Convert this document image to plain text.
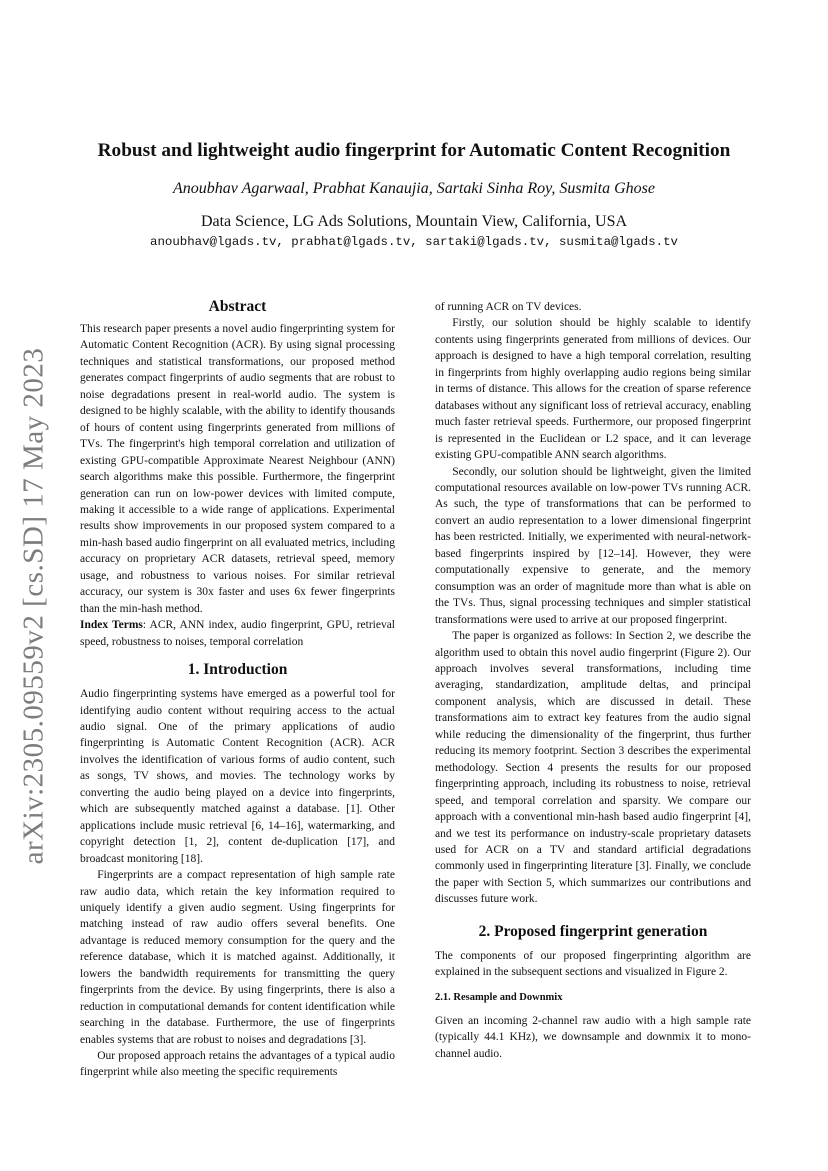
arXiv:2305.09559v2 [cs.SD] 17 May 2023
Robust and lightweight audio fingerprint for Automatic Content Recognition
Anoubhav Agarwaal, Prabhat Kanaujia, Sartaki Sinha Roy, Susmita Ghose
Data Science, LG Ads Solutions, Mountain View, California, USA
anoubhav@lgads.tv, prabhat@lgads.tv, sartaki@lgads.tv, susmita@lgads.tv
Abstract

This research paper presents a novel audio fingerprinting system for Automatic Content Recognition (ACR). By using signal processing techniques and statistical transformations, our proposed method generates compact fingerprints of audio segments that are robust to noise degradations present in real-world audio. The system is designed to be highly scalable, with the ability to identify thousands of hours of content using fingerprints generated from millions of TVs. The fingerprint's high temporal correlation and utilization of existing GPU-compatible Approximate Nearest Neighbour (ANN) search algorithms make this possible. Furthermore, the fingerprint generation can run on low-power devices with limited compute, making it accessible to a wide range of applications. Experimental results show improvements in our proposed system compared to a min-hash based audio fingerprint on all evaluated metrics, including accuracy on proprietary ACR datasets, retrieval speed, memory usage, and robustness to various noises. For similar retrieval accuracy, our system is 30x faster and uses 6x fewer fingerprints than the min-hash method.

Index Terms: ACR, ANN index, audio fingerprint, GPU, retrieval speed, robustness to noises, temporal correlation

1. Introduction

Audio fingerprinting systems have emerged as a powerful tool for identifying audio content without requiring access to the actual audio signal. One of the primary applications of audio fingerprinting is Automatic Content Recognition (ACR). ACR involves the identification of various forms of audio content, such as songs, TV shows, and movies. The technology works by converting the audio being played on a device into fingerprints, which are subsequently matched against a database. [1]. Other applications include music retrieval [6, 14–16], watermarking, and copyright detection [1, 2], content de-duplication [17], and broadcast monitoring [18].

Fingerprints are a compact representation of high sample rate raw audio data, which retain the key information required to uniquely identify a given audio segment. Using fingerprints for matching instead of raw audio offers several benefits. One advantage is reduced memory consumption for the query and the reference database, which it is matched against. Additionally, it lowers the bandwidth requirements for transmitting the query fingerprints from the device. By using fingerprints, there is also a reduction in computational demands for content identification while searching in the database. Furthermore, the use of fingerprints enables systems that are robust to noises and degradations [3].

Our proposed approach retains the advantages of a typical audio fingerprint while also meeting the specific requirements

of running ACR on TV devices.

Firstly, our solution should be highly scalable to identify contents using fingerprints generated from millions of devices. Our approach is designed to have a high temporal correlation, resulting in fingerprints from highly overlapping audio regions being similar in terms of distance. This allows for the creation of sparse reference databases without any significant loss of retrieval accuracy, enabling much faster retrieval speeds. Furthermore, our proposed fingerprint is represented in the Euclidean or L2 space, and it can leverage existing GPU-compatible ANN search algorithms.

Secondly, our solution should be lightweight, given the limited computational resources available on low-power TVs running ACR. As such, the type of transformations that can be performed to convert an audio representation to a lower dimensional fingerprint has been restricted. Initially, we experimented with neural-network-based fingerprints inspired by [12–14]. However, they were computationally expensive to generate, and the memory consumption was an order of magnitude more than what is able on the TVs. Thus, signal processing techniques and simpler statistical transformations were used to arrive at our proposed fingerprint.

The paper is organized as follows: In Section 2, we describe the algorithm used to obtain this novel audio fingerprint (Figure 2). Our approach involves several transformations, including time averaging, standardization, amplitude deltas, and principal component analysis, which are discussed in detail. These transformations aim to extract key features from the audio signal while reducing the dimensionality of the fingerprint, thus further reducing its memory footprint. Section 3 describes the experimental methodology. Section 4 presents the results for our proposed fingerprinting approach, including its robustness to noise, retrieval speed, and temporal correlation and sparsity. We compare our approach with a conventional min-hash based audio fingerprint [4], and we test its performance on industry-scale proprietary datasets used for ACR on a TV and standard artificial degradations commonly used in fingerprinting literature [3]. Finally, we conclude the paper with Section 5, which summarizes our contributions and discusses future work.

2. Proposed fingerprint generation

The components of our proposed fingerprinting algorithm are explained in the subsequent sections and visualized in Figure 2.

2.1. Resample and Downmix

Given an incoming 2-channel raw audio with a high sample rate (typically 44.1 KHz), we downsample and downmix it to mono-channel audio.
